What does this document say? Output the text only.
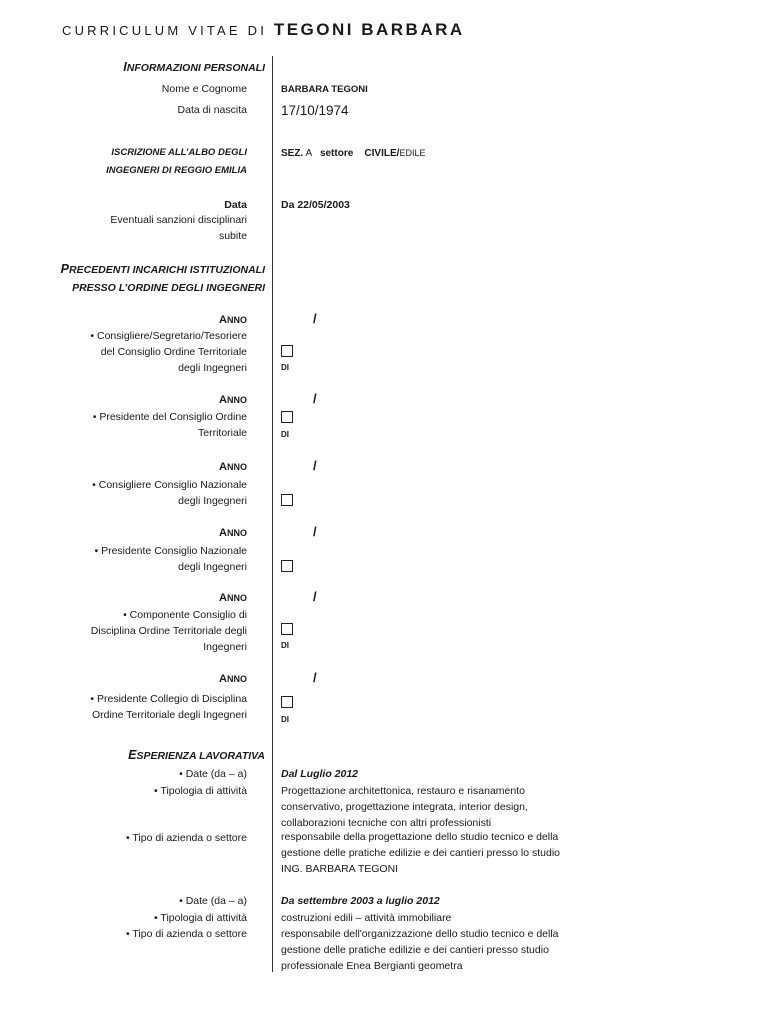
CURRICULUM VITAE DI TEGONI BARBARA
INFORMAZIONI PERSONALI
Nome e Cognome	BARBARA TEGONI
Data di nascita	17/10/1974
ISCRIZIONE ALL’ALBO DEGLI
INGEGNERI DI REGGIO EMILIA
SEZ. A settore CIVILE/EDILE
Data	Da 22/05/2003
Eventuali sanzioni disciplinari
subite
PRECEDENTI INCARICHI ISTITUZIONALI
PRESSO L’ORDINE DEGLI INGEGNERI
ANNO	/
• Consigliere/Segretario/Tesoriere
del Consiglio Ordine Territoriale
degli Ingegneri	DI
ANNO	/
• Presidente del Consiglio Ordine
Territoriale	DI
ANNO	/
• Consigliere Consiglio Nazionale
degli Ingegneri
ANNO	/
• Presidente Consiglio Nazionale
degli Ingegneri
ANNO	/
• Componente Consiglio di
Disciplina Ordine Territoriale degli
Ingegneri	DI
ANNO	/
• Presidente Collegio di Disciplina
Ordine Territoriale degli Ingegneri	DI
ESPERIENZA LAVORATIVA
• Date (da – a)	Dal Luglio 2012
• Tipologia di attività	Progettazione architettonica, restauro e risanamento
conservativo, progettazione integrata, interior design,
collaborazioni tecniche con altri professionisti
• Tipo di azienda o settore	responsabile della progettazione dello studio tecnico e della
gestione delle pratiche edilizie e dei cantieri presso lo studio
ING. BARBARA TEGONI
• Date (da – a)	Da settembre 2003 a luglio 2012
• Tipologia di attività	costruzioni edili – attività immobiliare
• Tipo di azienda o settore	responsabile dell'organizzazione dello studio tecnico e della
gestione delle pratiche edilizie e dei cantieri presso studio
professionale Enea Bergianti geometra
